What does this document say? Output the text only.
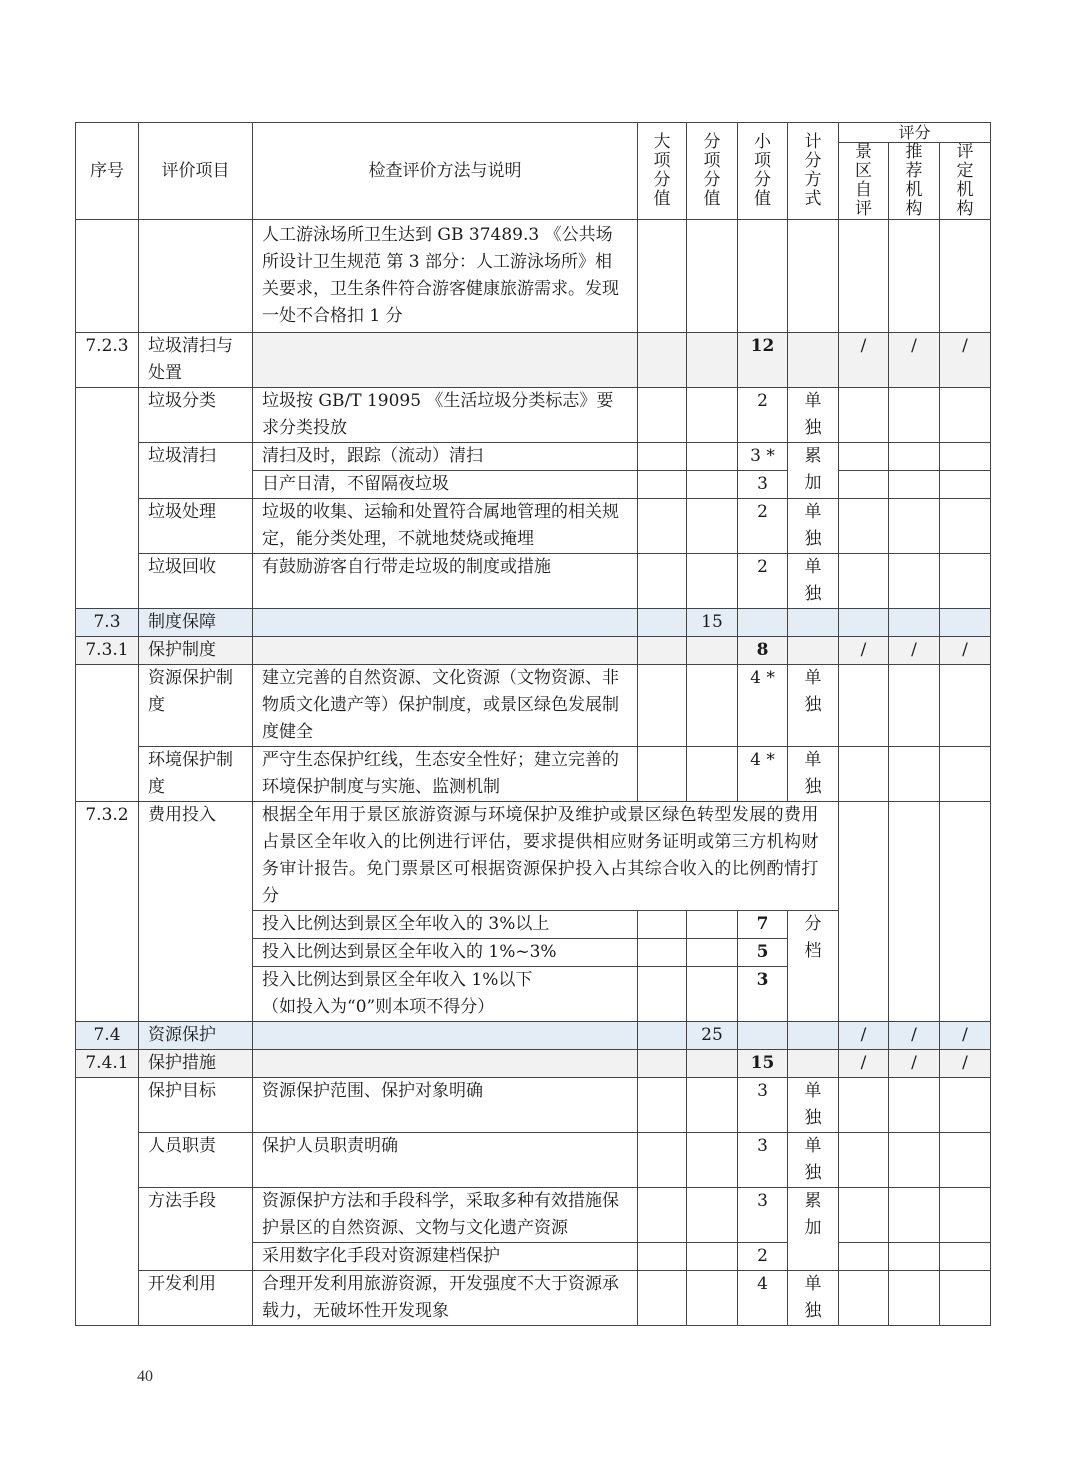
序号	评价项目	检查评价方法与说明	大项分值	分项分值	小项分值	计分方式	评分		

							景区自评	推荐机构	评定机构

		人工游泳场所卫生达到 GB 37489.3 《公共场所设计卫生规范 第 3 部分：人工游泳场所》相关要求，卫生条件符合游客健康旅游需求。发现一处不合格扣 1 分							
7.2.3	垃圾清扫与处置				12		/	/	/
	垃圾分类	垃圾按 GB/T 19095 《生活垃圾分类标志》要求分类投放			2	单独			

	垃圾清扫	清扫及时，跟踪（流动）清扫			3 *	累加			

		日产日清，不留隔夜垃圾			3				
	垃圾处理	垃圾的收集、运输和处置符合属地管理的相关规定，能分类处理，不就地焚烧或掩埋			2	单独			

	垃圾回收	有鼓励游客自行带走垃圾的制度或措施			2	单独			

7.3	制度保障			15					
7.3.1	保护制度				8		/	/	/
	资源保护制度	建立完善的自然资源、文化资源（文物资源、非物质文化遗产等）保护制度，或景区绿色发展制度健全			4 *	单独			

	环境保护制度	严守生态保护红线，生态安全性好；建立完善的环境保护制度与实施、监测机制			4 *	单独			

7.3.2	费用投入	根据全年用于景区旅游资源与环境保护及维护或景区绿色转型发展的费用占景区全年收入的比例进行评估，要求提供相应财务证明或第三方机构财务审计报告。免门票景区可根据资源保护投入占其综合收入的比例酌情打分							
		投入比例达到景区全年收入的 3%以上			7	分档			

		投入比例达到景区全年收入的 1%~3%			5				

		投入比例达到景区全年收入 1%以下
（如投入为“0”则本项不得分）			3				
7.4	资源保护			25			/	/	/
7.4.1	保护措施				15		/	/	/
	保护目标	资源保护范围、保护对象明确			3	单独			

	人员职责	保护人员职责明确			3	单独			

	方法手段	资源保护方法和手段科学，采取多种有效措施保护景区的自然资源、文物与文化遗产资源			3	累加			

		采用数字化手段对资源建档保护			2				
	开发利用	合理开发利用旅游资源，开发强度不大于资源承载力，无破坏性开发现象			4	单独			

40
